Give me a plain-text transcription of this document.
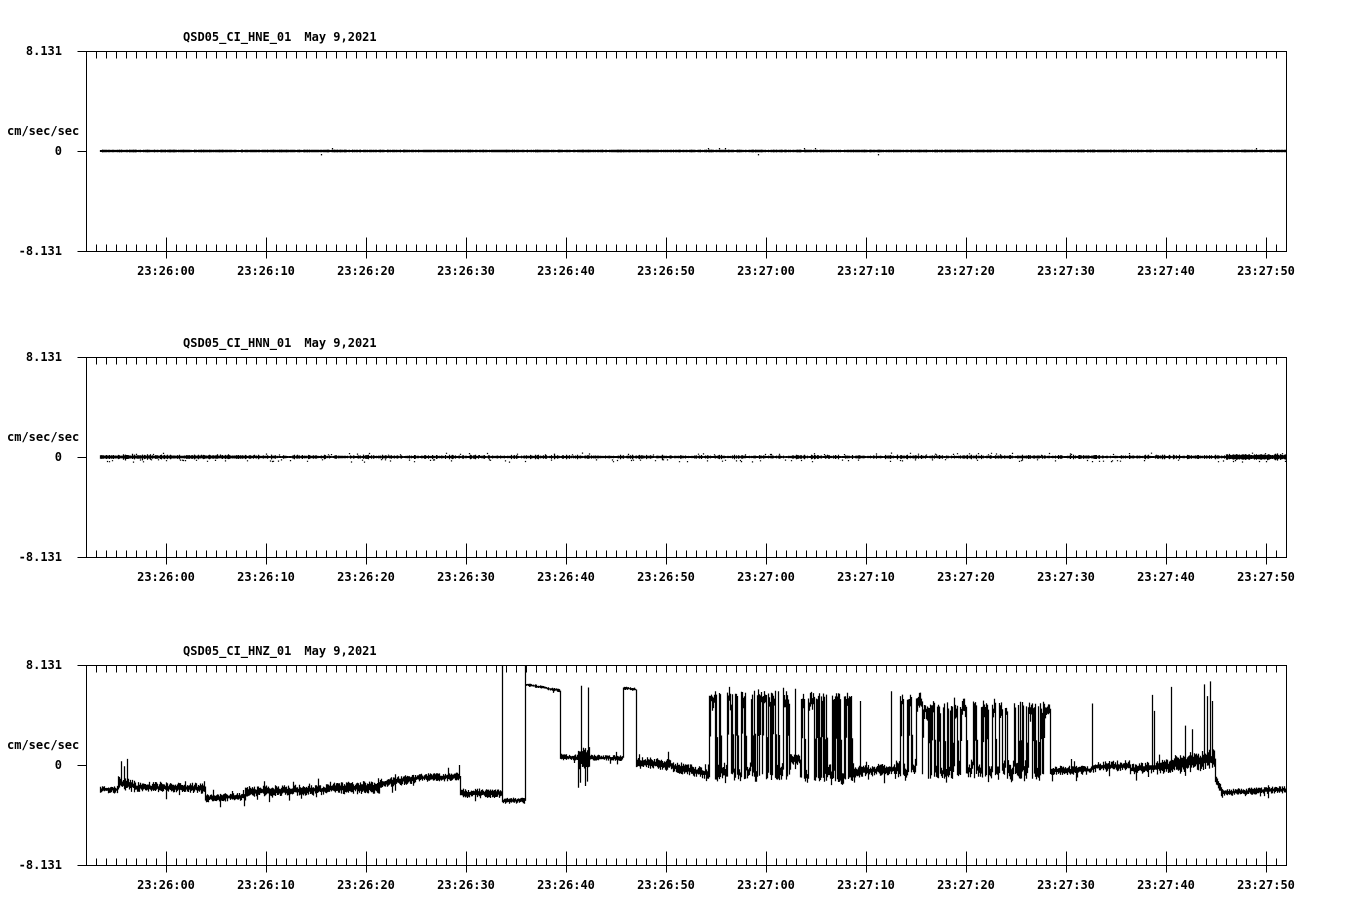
23:26:00	23:26:10	23:26:20	23:26:30	23:26:40	23:26:50	23:27:00	23:27:10	23:27:20	23:27:30	23:27:40	23:27:50
23:26:00	23:26:10	23:26:20	23:26:30	23:26:40	23:26:50	23:27:00	23:27:10	23:27:20	23:27:30	23:27:40	23:27:50
23:26:00	23:26:10	23:26:20	23:26:30	23:26:40	23:26:50	23:27:00	23:27:10	23:27:20	23:27:30	23:27:40	23:27:50
QSD05_CI_HNE_01 May 9,2021
8.131
cm/sec/sec
0
-8.131
QSD05_CI_HNN_01 May 9,2021
8.131
cm/sec/sec
0
-8.131
QSD05_CI_HNZ_01 May 9,2021
8.131
cm/sec/sec
0
-8.131
